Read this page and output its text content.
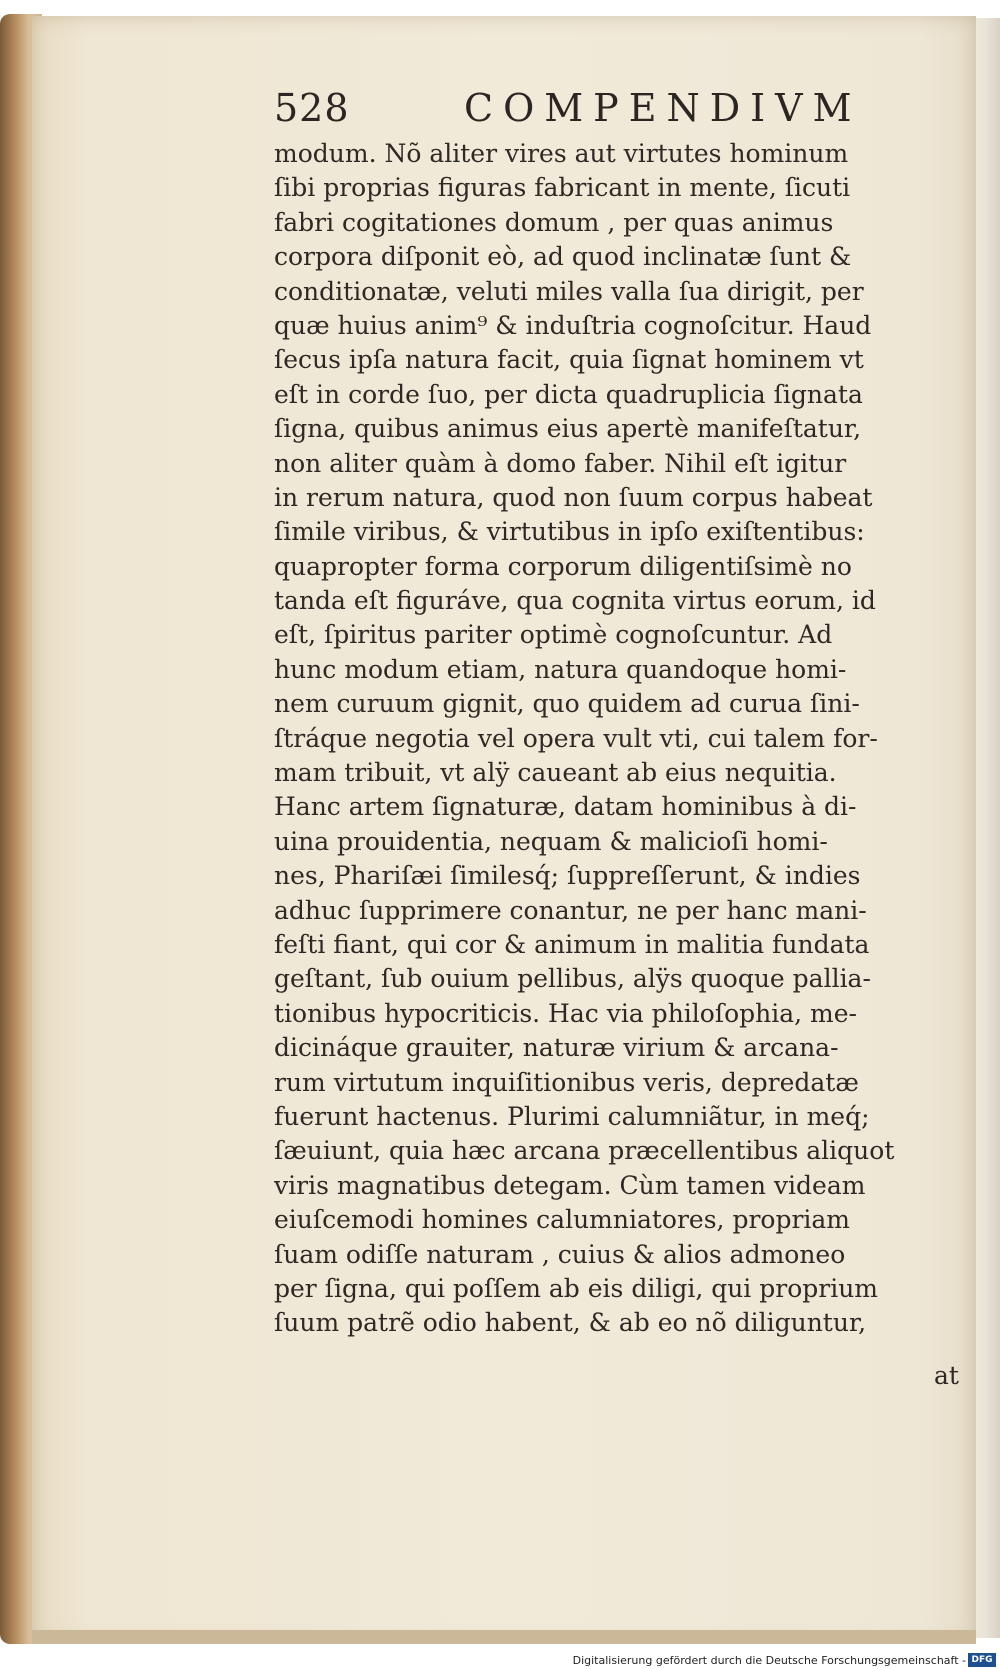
528	COMPENDIVM
modum. Nõ aliter vires aut virtutes hominum
ſibi proprias figuras fabricant in mente, ſicuti
fabri cogitationes domum , per quas animus
corpora diſponit eò, ad quod inclinatæ ſunt &
conditionatæ, veluti miles valla ſua dirigit, per
quæ huius anim⁹ & induſtria cognoſcitur. Haud
ſecus ipſa natura facit, quia ſignat hominem vt
eſt in corde ſuo, per dicta quadruplicia ſignata
ſigna, quibus animus eius apertè manifeſtatur,
non aliter quàm à domo faber. Nihil eſt igitur
in rerum natura, quod non ſuum corpus habeat
ſimile viribus, & virtutibus in ipſo exiſtentibus:
quapropter forma corporum diligentiſsimè no
tanda eſt figuráve, qua cognita virtus eorum, id
eſt, ſpiritus pariter optimè cognoſcuntur. Ad
hunc modum etiam, natura quandoque homi-
nem curuum gignit, quo quidem ad curua ſini-
ſtráque negotia vel opera vult vti, cui talem for-
mam tribuit, vt alÿ caueant ab eius nequitia.
Hanc artem ſignaturæ, datam hominibus à di-
uina prouidentia, nequam & malicioſi homi-
nes, Phariſæi ſimilesq́; ſuppreſſerunt, & indies
adhuc ſupprimere conantur, ne per hanc mani-
feſti fiant, qui cor & animum in malitia fundata
geſtant, ſub ouium pellibus, alÿs quoque pallia-
tionibus hypocriticis. Hac via philoſophia, me-
dicináque grauiter, naturæ virium & arcana-
rum virtutum inquiſitionibus veris, depredatæ
fuerunt hactenus. Plurimi calumniãtur, in meq́;
ſæuiunt, quia hæc arcana præcellentibus aliquot
viris magnatibus detegam. Cùm tamen videam
eiuſcemodi homines calumniatores, propriam
ſuam odiſſe naturam , cuius & alios admoneo
per ſigna, qui poſſem ab eis diligi, qui proprium
ſuum patrẽ odio habent, & ab eo nõ diliguntur,
at
Digitalisierung gefördert durch die Deutsche Forschungsgemeinschaft - DFG
